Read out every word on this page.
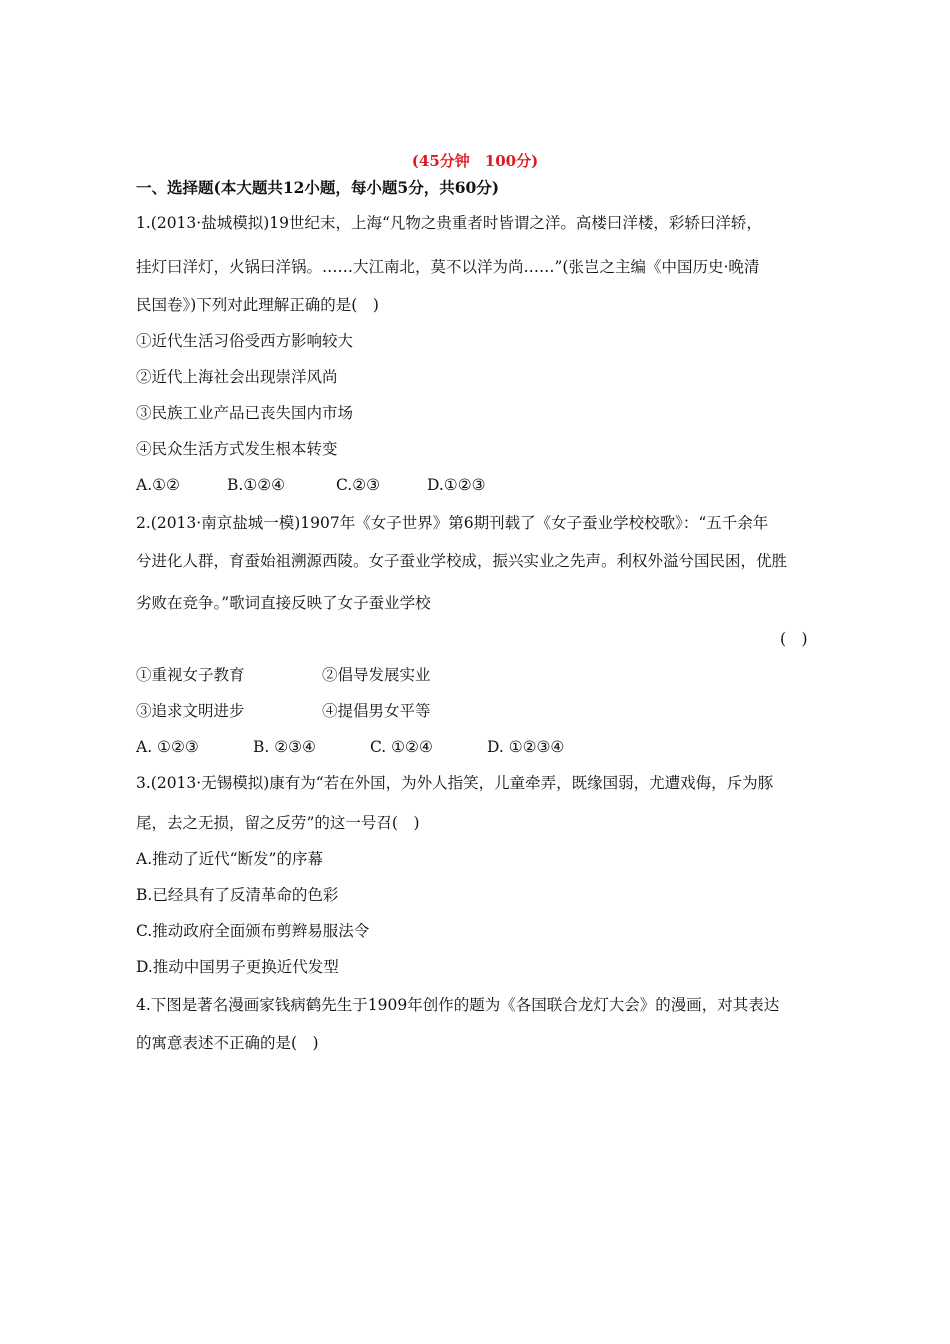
(45分钟　100分)
一、选择题(本大题共12小题，每小题5分，共60分)
1.(2013·盐城模拟)19世纪末，上海“凡物之贵重者时皆谓之洋。高楼曰洋楼，彩轿曰洋轿，
挂灯曰洋灯，火锅曰洋锅。……大江南北，莫不以洋为尚……”(张岂之主编《中国历史·晚清
民国卷》)下列对此理解正确的是(　)
①近代生活习俗受西方影响较大
②近代上海社会出现崇洋风尚
③民族工业产品已丧失国内市场
④民众生活方式发生根本转变
A.①②	B.①②④	C.②③	D.①②③
2.(2013·南京盐城一模)1907年《女子世界》第6期刊载了《女子蚕业学校校歌》：“五千余年
兮进化人群，育蚕始祖溯源西陵。女子蚕业学校成，振兴实业之先声。利权外溢兮国民困，优胜
劣败在竞争。”歌词直接反映了女子蚕业学校
(　)
①重视女子教育	②倡导发展实业
③追求文明进步	④提倡男女平等
A. ①②③	B. ②③④	C. ①②④	D. ①②③④
3.(2013·无锡模拟)康有为“若在外国，为外人指笑，儿童牵弄，既缘国弱，尤遭戏侮，斥为豚
尾，去之无损，留之反劳”的这一号召(　)
A.推动了近代“断发”的序幕
B.已经具有了反清革命的色彩
C.推动政府全面颁布剪辫易服法令
D.推动中国男子更换近代发型
4.下图是著名漫画家钱病鹤先生于1909年创作的题为《各国联合龙灯大会》的漫画，对其表达
的寓意表述不正确的是(　)
